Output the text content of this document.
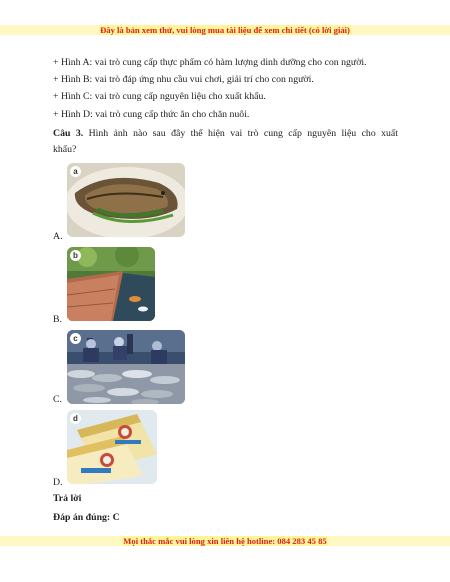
Đây là bản xem thử, vui lòng mua tài liệu để xem chi tiết (có lời giải)
+ Hình A: vai trò cung cấp thực phẩm có hàm lượng dinh dưỡng cho con người.
+ Hình B: vai trò đáp ứng nhu cầu vui chơi, giải trí cho con người.
+ Hình C: vai trò cung cấp nguyên liệu cho xuất khẩu.
+ Hình D: vai trò cung cấp thức ăn cho chăn nuôi.
Câu 3. Hình ảnh nào sau đây thể hiện vai trò cung cấp nguyên liệu cho xuất
khẩu?
a
A.
b
B.
c
C.
d
D.
Trả lời
Đáp án đúng: C
Mọi thắc mắc vui lòng xin liên hệ hotline: 084 283 45 85
